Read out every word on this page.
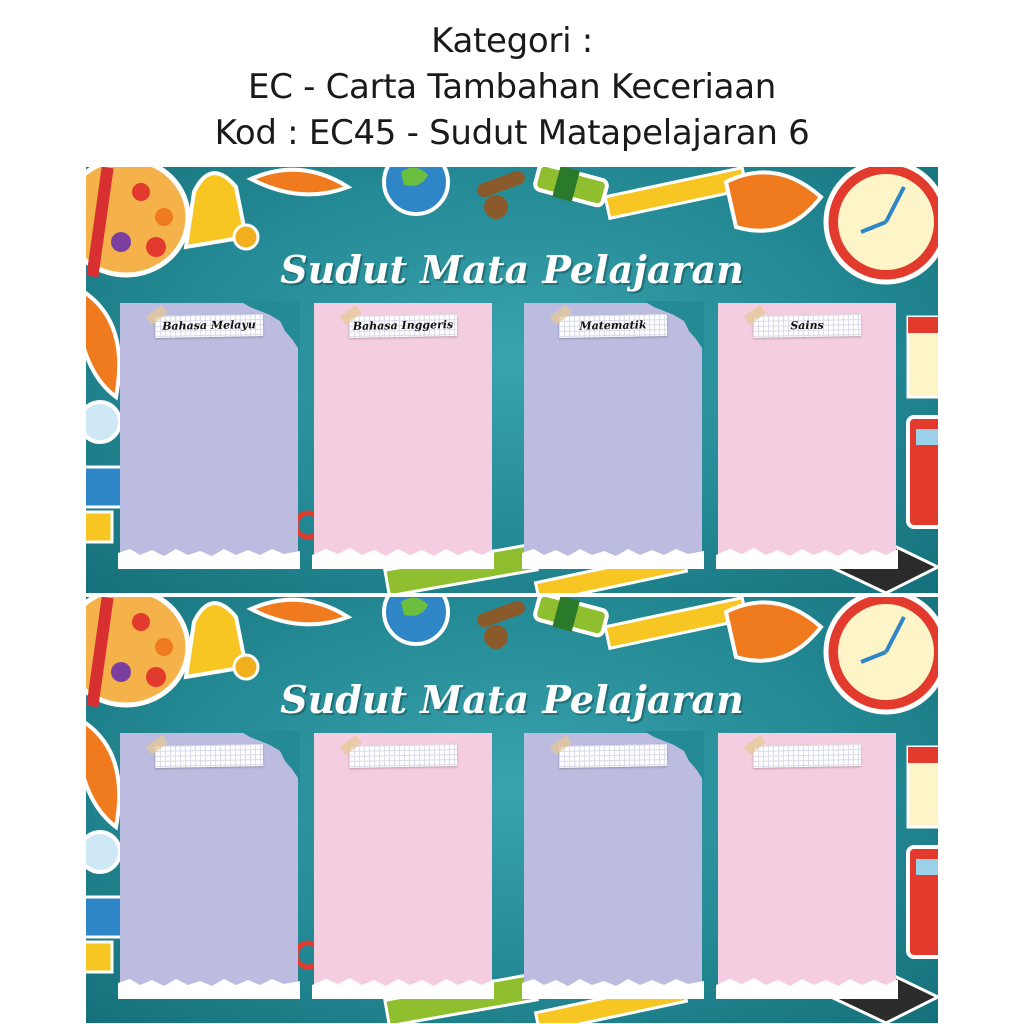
Kategori :
EC - Carta Tambahan Keceriaan
Kod : EC45 - Sudut Matapelajaran 6
Sudut Mata Pelajaran
Bahasa Melayu	Bahasa Inggeris	Matematik	Sains
Sudut Mata Pelajaran
